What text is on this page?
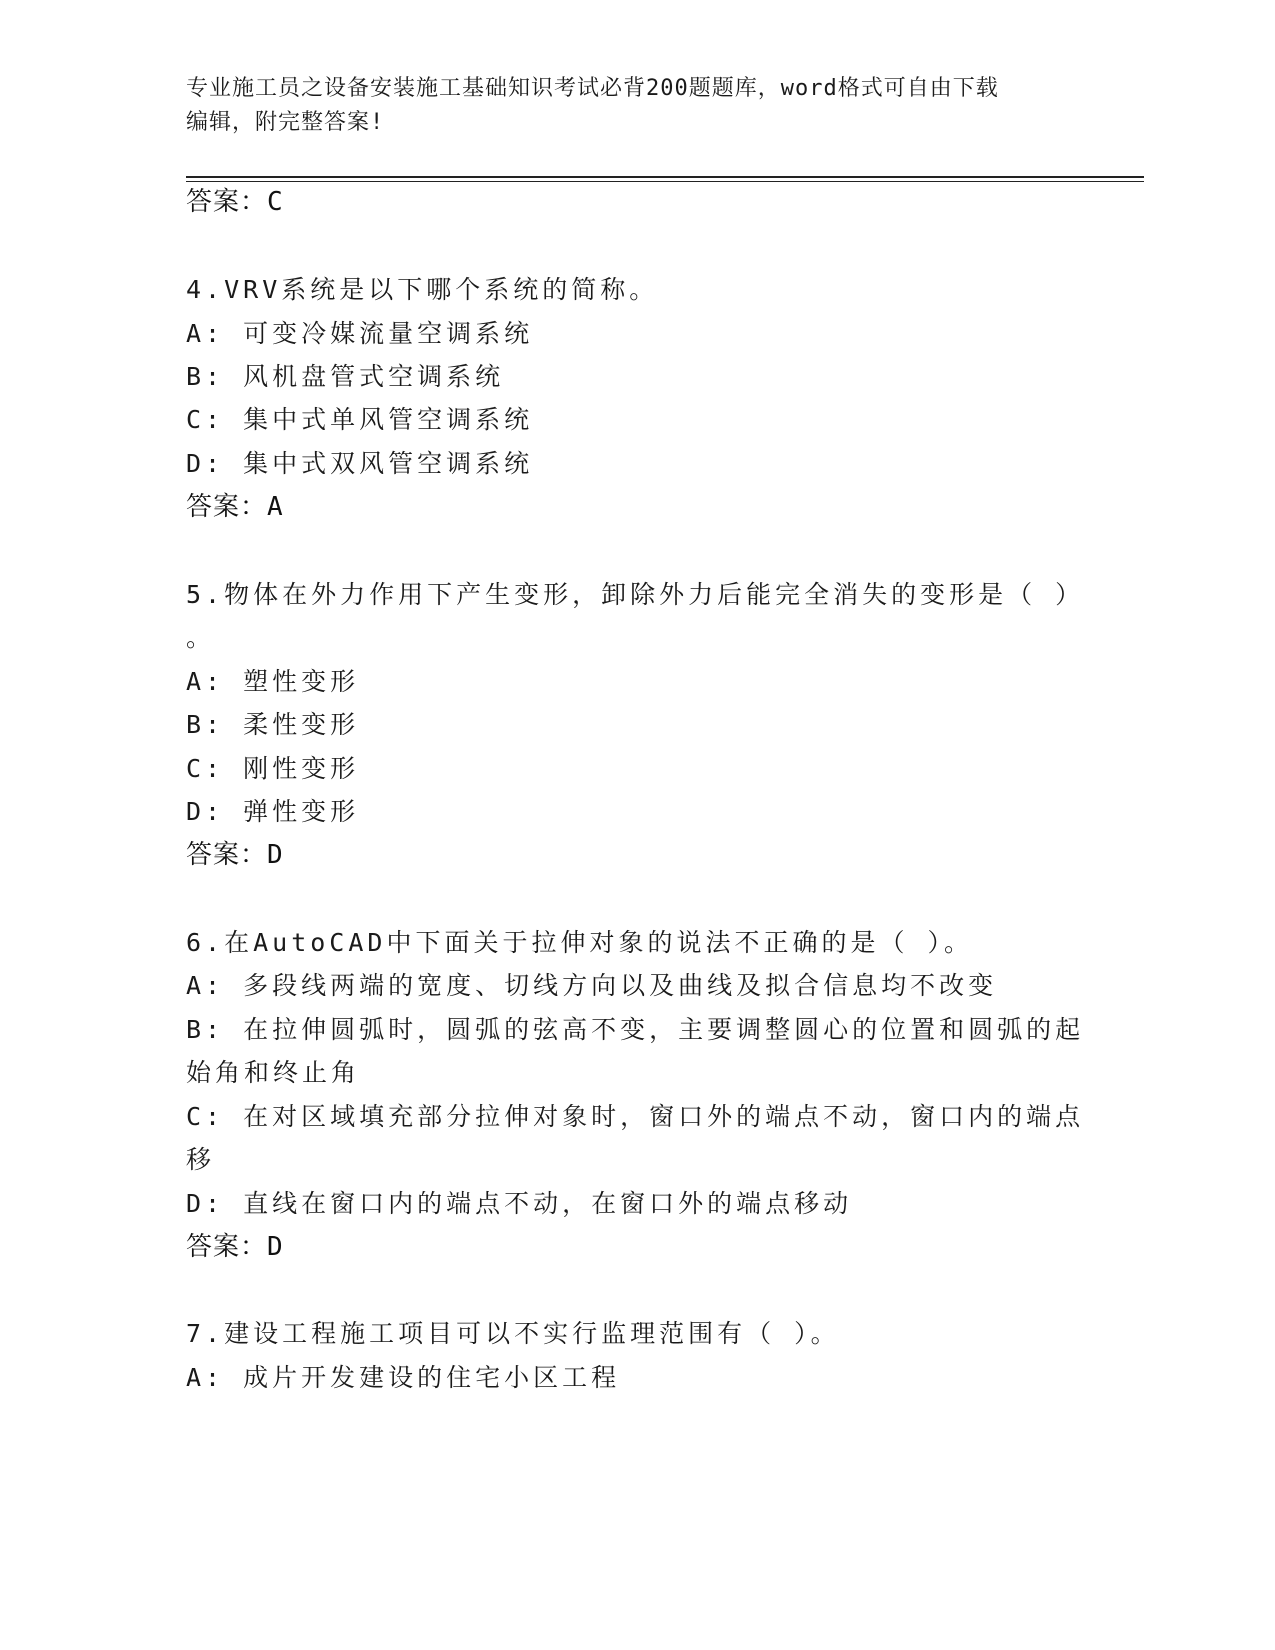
专业施工员之设备安装施工基础知识考试必背200题题库，word格式可自由下载
编辑，附完整答案!
答案：C
4.VRV系统是以下哪个系统的简称。
A: 可变冷媒流量空调系统
B: 风机盘管式空调系统
C: 集中式单风管空调系统
D: 集中式双风管空调系统
答案：A
5.物体在外力作用下产生变形，卸除外力后能完全消失的变形是（ ）
。
A: 塑性变形
B: 柔性变形
C: 刚性变形
D: 弹性变形
答案：D
6.在AutoCAD中下面关于拉伸对象的说法不正确的是（ ）。
A: 多段线两端的宽度、切线方向以及曲线及拟合信息均不改变
B: 在拉伸圆弧时，圆弧的弦高不变，主要调整圆心的位置和圆弧的起
始角和终止角
C: 在对区域填充部分拉伸对象时，窗口外的端点不动，窗口内的端点
移
D: 直线在窗口内的端点不动，在窗口外的端点移动
答案：D
7.建设工程施工项目可以不实行监理范围有（ ）。
A: 成片开发建设的住宅小区工程
